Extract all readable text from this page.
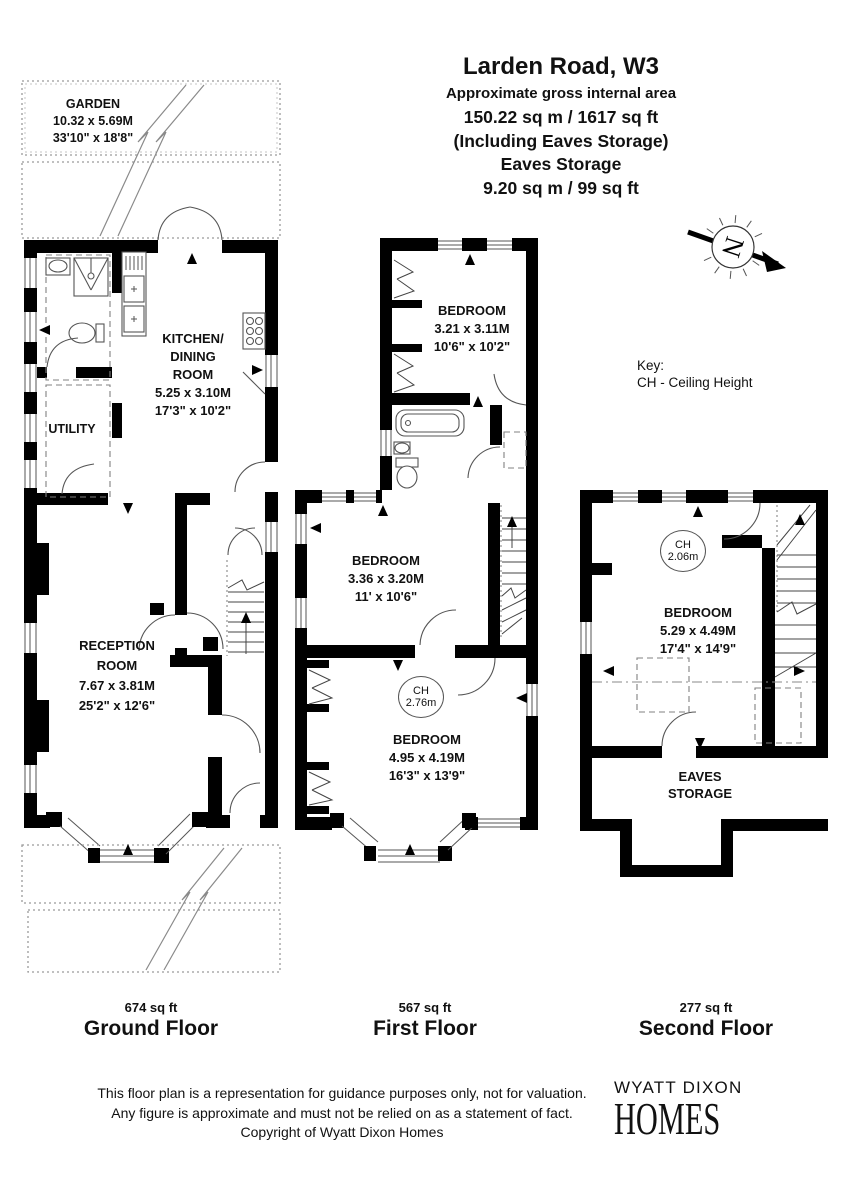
N
Larden Road, W3
Approximate gross internal area
150.22 sq m / 1617 sq ft
(Including Eaves Storage)
Eaves Storage
9.20 sq m / 99 sq ft
Key:
CH - Ceiling Height
GARDEN
10.32 x 5.69M
33'10" x 18'8"
KITCHEN/
DINING
ROOM
5.25 x 3.10M
17'3" x 10'2"
UTILITY
RECEPTION
ROOM
7.67 x 3.81M
25'2" x 12'6"
BEDROOM
3.21 x 3.11M
10'6" x 10'2"
BEDROOM
3.36 x 3.20M
11' x 10'6"
CH
2.76m
BEDROOM
4.95 x 4.19M
16'3" x 13'9"
CH
2.06m
BEDROOM
5.29 x 4.49M
17'4" x 14'9"
EAVES
STORAGE
674 sq ft
Ground Floor
567 sq ft
First Floor
277 sq ft
Second Floor
This floor plan is a representation for guidance purposes only, not for valuation.
Any figure is approximate and must not be relied on as a statement of fact.
Copyright of Wyatt Dixon Homes
WYATT DIXON
HOMES
